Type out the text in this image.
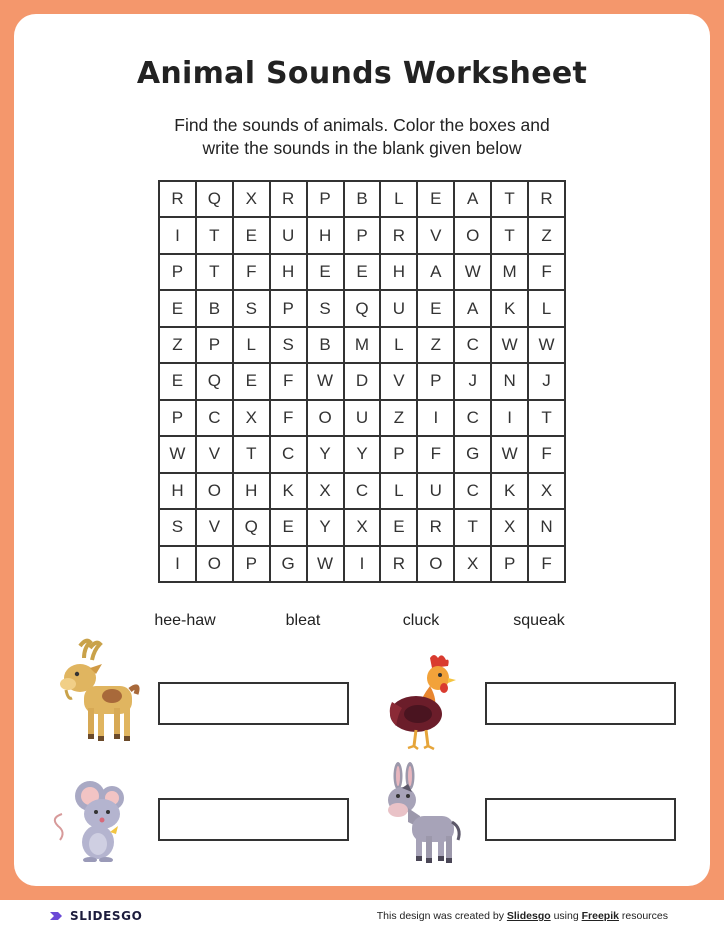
Animal Sounds Worksheet
Find the sounds of animals. Color the boxes and
write the sounds in the blank given below
R	Q	X	R	P	B	L	E	A	T	R
I	T	E	U	H	P	R	V	O	T	Z
P	T	F	H	E	E	H	A	W	M	F
E	B	S	P	S	Q	U	E	A	K	L
Z	P	L	S	B	M	L	Z	C	W	W
E	Q	E	F	W	D	V	P	J	N	J
P	C	X	F	O	U	Z	I	C	I	T
W	V	T	C	Y	Y	P	F	G	W	F
H	O	H	K	X	C	L	U	C	K	X
S	V	Q	E	Y	X	E	R	T	X	N
I	O	P	G	W	I	R	O	X	P	F
hee-haw	bleat	cluck	squeak
SLIDESGO	This design was created by Slidesgo using Freepik resources
